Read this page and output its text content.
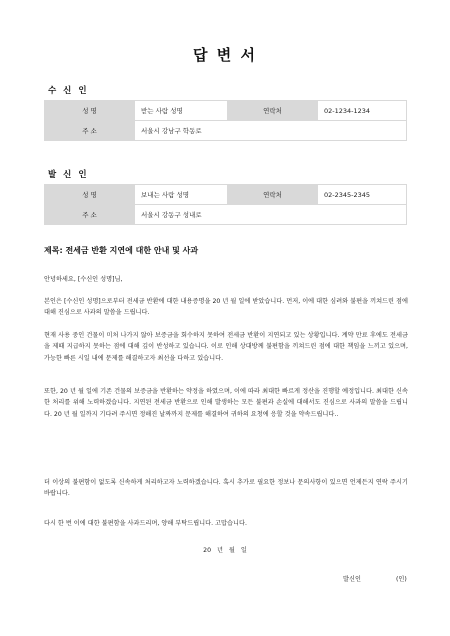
답 변 서
수 신 인
성 명	받는 사람 성명	연락처	02-1234-1234
주 소	서울시 강남구 학동로		
발 신 인
성 명	보내는 사람 성명	연락처	02-2345-2345
주 소	서울시 강동구 성내로		
제목: 전세금 반환 지연에 대한 안내 및 사과

안녕하세요, [수신인 성명]님,

본인은 [수신인 성명]으로부터 전세금 반환에 대한 내용증명을 20 년 월 일에 받았습니다. 먼저, 이에 대한 심려와 불편을 끼쳐드린 점에 대해 진심으로 사과의 말씀을 드립니다.

현재 사용 중인 건물이 미처 나가지 않아 보증금을 회수하지 못하여 전세금 반환이 지연되고 있는 상황입니다. 계약 만료 후에도 전세금을 제때 지급하지 못하는 점에 대해 깊이 반성하고 있습니다. 이로 인해 상대방께 불편함을 끼쳐드린 점에 대한 책임을 느끼고 있으며, 가능한 빠른 시일 내에 문제를 해결하고자 최선을 다하고 있습니다.

또한, 20 년 월 일에 기존 건물의 보증금을 반환하는 약정을 하였으며, 이에 따라 최대한 빠르게 정산을 진행할 예정입니다. 최대한 신속한 처리를 위해 노력하겠습니다. 지연된 전세금 반환으로 인해 발생하는 모든 불편과 손실에 대해서도 진심으로 사과의 말씀을 드립니다. 20 년 월 일까지 기다려 주시면 정해진 날짜까지 문제를 해결하여 귀하의 요청에 응할 것을 약속드립니다..

더 이상의 불편함이 없도록 신속하게 처리하고자 노력하겠습니다. 혹시 추가로 필요한 정보나 문의사항이 있으면 언제든지 연락 주시기 바랍니다.

다시 한 번 이에 대한 불편함을 사과드리며, 양해 부탁드립니다. 고맙습니다.

20 년 월 일
발신인	(인)
